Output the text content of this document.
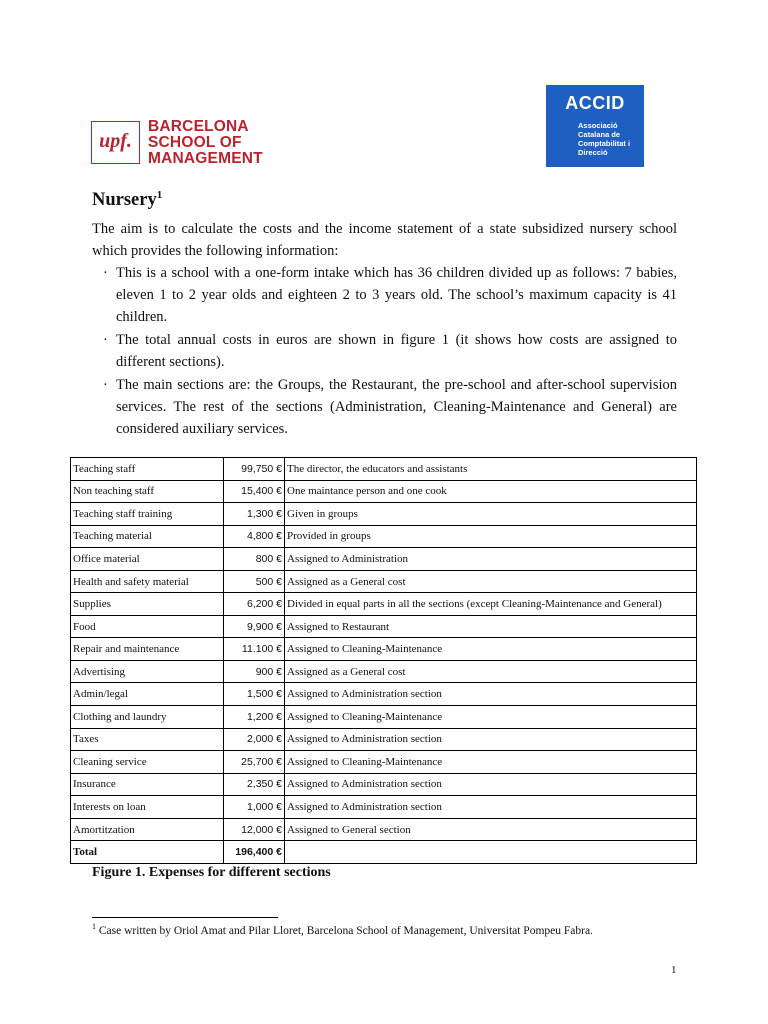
upf.
BARCELONA
SCHOOL OF
MANAGEMENT
ACCID
Associació
Catalana de
Comptabilitat i
Direcció
Nursery$^1$
The aim is to calculate the costs and the income statement of a state subsidized nursery school which provides the following information:
· This is a school with a one-form intake which has 36 children divided up as follows: 7 babies, eleven 1 to 2 year olds and eighteen 2 to 3 years old. The school’s maximum capacity is 41 children.
· The total annual costs in euros are shown in figure 1 (it shows how costs are assigned to different sections).
· The main sections are: the Groups, the Restaurant, the pre-school and after-school supervision services. The rest of the sections (Administration, Cleaning-Maintenance and General) are considered auxiliary services.
Teaching staff	99,750 €	The director, the educators and assistants
Non teaching staff	15,400 €	One maintance person and one cook
Teaching staff training	1,300 €	Given in groups
Teaching material	4,800 €	Provided in groups
Office material	800 €	Assigned to Administration
Health and safety material	500 €	Assigned as a General cost
Supplies	6,200 €	Divided in equal parts in all the sections (except Cleaning-Maintenance and General)
Food	9,900 €	Assigned to Restaurant
Repair and maintenance	11.100 €	Assigned to Cleaning-Maintenance
Advertising	900 €	Assigned as a General cost
Admin/legal	1,500 €	Assigned to Administration section
Clothing and laundry	1,200 €	Assigned to Cleaning-Maintenance
Taxes	2,000 €	Assigned to Administration section
Cleaning service	25,700 €	Assigned to Cleaning-Maintenance
Insurance	2,350 €	Assigned to Administration section
Interests on loan	1,000 €	Assigned to Administration section
Amortitzation	12,000 €	Assigned to General section
Total	196,400 €	
Figure 1. Expenses for different sections
$^1$ Case written by Oriol Amat and Pilar Lloret, Barcelona School of Management, Universitat Pompeu Fabra.
1
